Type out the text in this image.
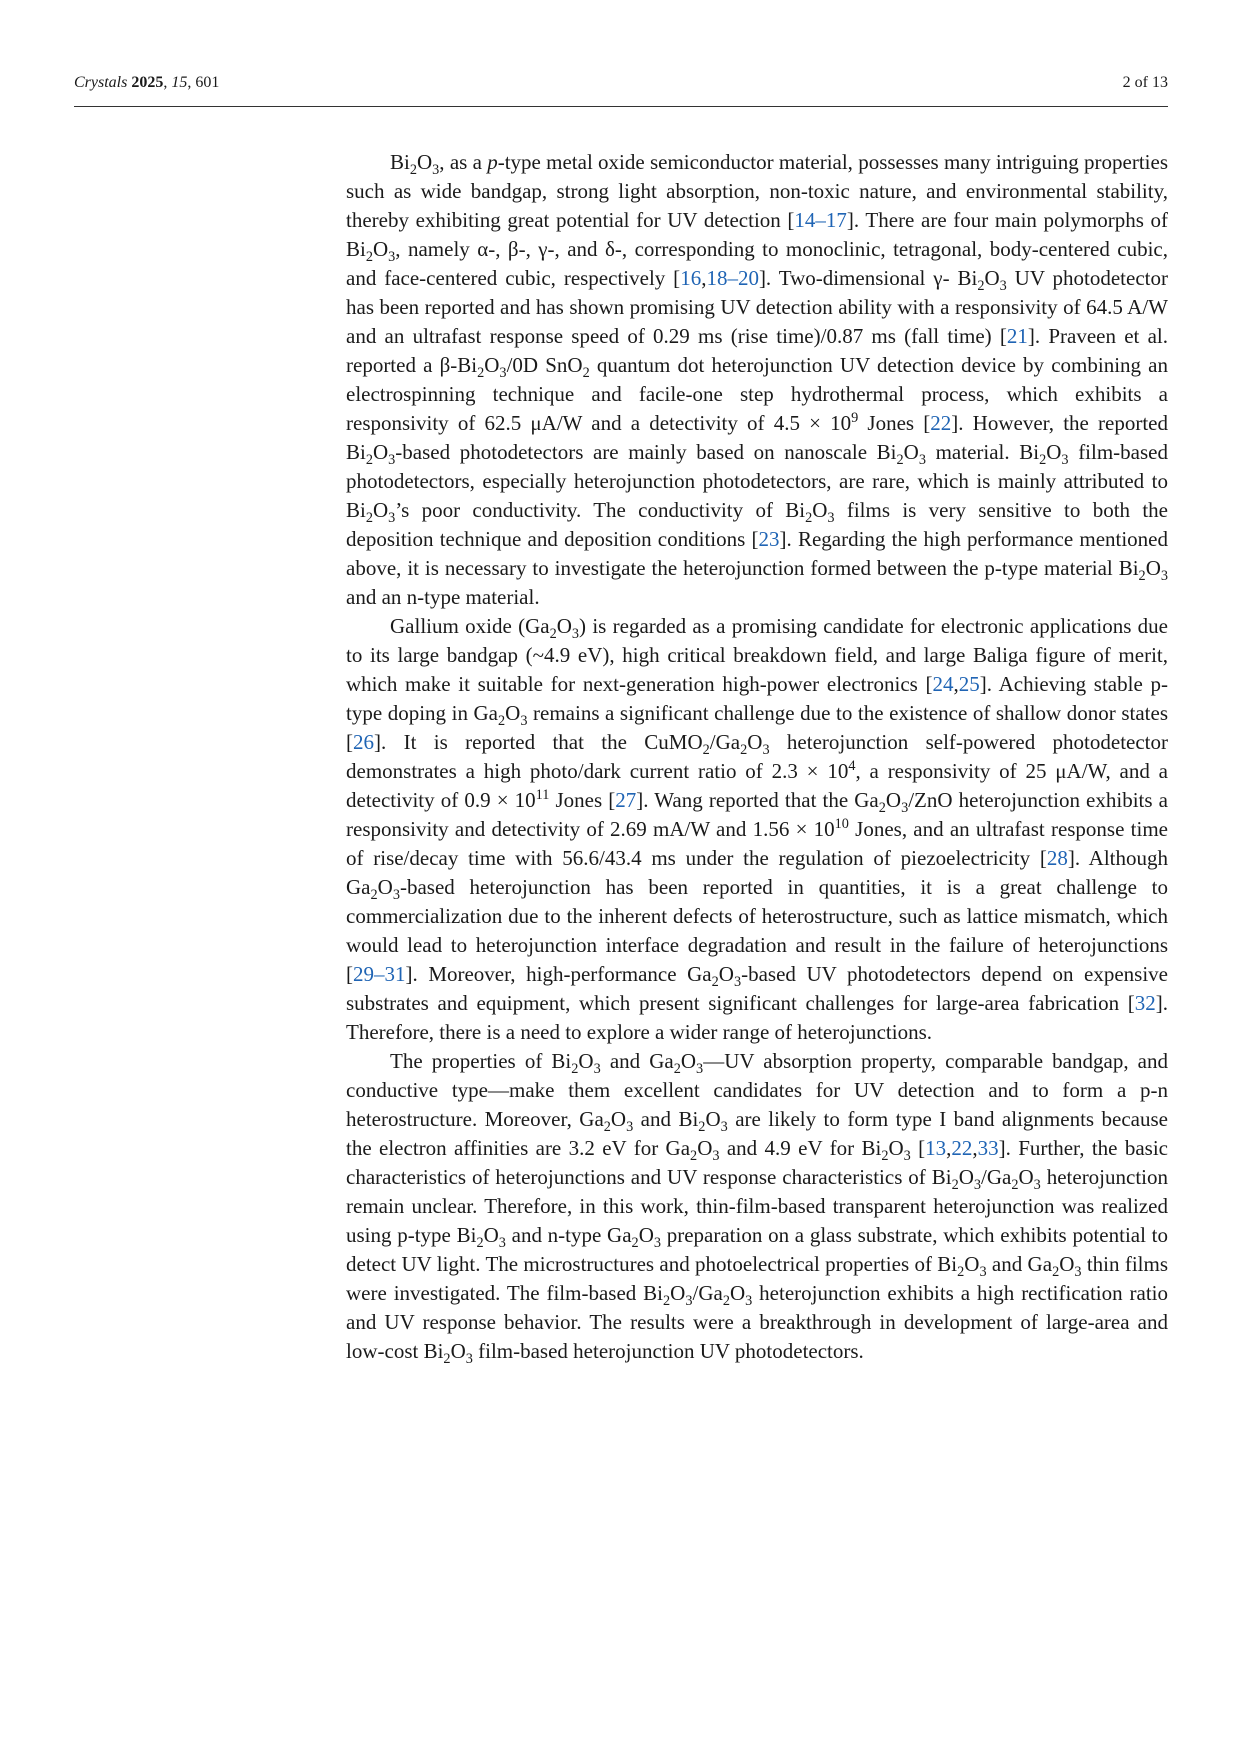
Crystals 2025, 15, 601	2 of 13

$Bi_2O_3$, as a p-type metal oxide semiconductor material, possesses many intriguing properties such as wide bandgap, strong light absorption, non-toxic nature, and environmental stability, thereby exhibiting great potential for UV detection [14–17]. There are four main polymorphs of $Bi_2O_3$, namely α-, β-, γ-, and δ-, corresponding to monoclinic, tetragonal, body-centered cubic, and face-centered cubic, respectively [16,18–20]. Two-dimensional γ- $Bi_2O_3$ UV photodetector has been reported and has shown promising UV detection ability with a responsivity of 64.5 A/W and an ultrafast response speed of 0.29 ms (rise time)/0.87 ms (fall time) [21]. Praveen et al. reported a $\beta-Bi_2O_3/0D$ SnO$_2$ quantum dot heterojunction UV detection device by combining an electrospinning technique and facile-one step hydrothermal process, which exhibits a responsivity of 62.5 μA/W and a detectivity of $4.5 \times 10^9$ Jones [22]. However, the reported $Bi_2O_3$-based photodetectors are mainly based on nanoscale $Bi_2O_3$ material. $Bi_2O_3$ film-based photodetectors, especially heterojunction photodetectors, are rare, which is mainly attributed to $Bi_2O_3’s$ poor conductivity. The conductivity of $Bi_2O_3$ films is very sensitive to both the deposition technique and deposition conditions [23]. Regarding the high performance mentioned above, it is necessary to investigate the heterojunction formed between the p-type material $Bi_2O_3$ and an n-type material.

Gallium oxide $(Ga_2O_3)$ is regarded as a promising candidate for electronic applications due to its large bandgap (~4.9 eV), high critical breakdown field, and large Baliga figure of merit, which make it suitable for next-generation high-power electronics [24,25]. Achieving stable p-type doping in $Ga_2O_3$ remains a significant challenge due to the existence of shallow donor states [26]. It is reported that the $CuMO_2/Ga_2O_3$ heterojunction self-powered photodetector demonstrates a high photo/dark current ratio of $2.3 \times 10^4$, a responsivity of 25 μA/W, and a detectivity of $0.9 \times 10^{11}$ Jones [27]. Wang reported that the $Ga_2O_3$/ZnO heterojunction exhibits a responsivity and detectivity of 2.69 mA/W and $1.56 \times 10^{10}$ Jones, and an ultrafast response time of rise/decay time with 56.6/43.4 ms under the regulation of piezoelectricity [28]. Although $Ga_2O_3$-based heterojunction has been reported in quantities, it is a great challenge to commercialization due to the inherent defects of heterostructure, such as lattice mismatch, which would lead to heterojunction interface degradation and result in the failure of heterojunctions [29–31]. Moreover, high-performance $Ga_2O_3$-based UV photodetectors depend on expensive substrates and equipment, which present significant challenges for large-area fabrication [32]. Therefore, there is a need to explore a wider range of heterojunctions.

The properties of $Bi_2O_3$ and $Ga_2O_3—UV$ absorption property, comparable bandgap, and conductive type—make them excellent candidates for UV detection and to form a p-n heterostructure. Moreover, $Ga_2O_3$ and $Bi_2O_3$ are likely to form type I band alignments because the electron affinities are 3.2 eV for $Ga_2O_3$ and 4.9 eV for $Bi_2O_3$ [13,22,33]. Further, the basic characteristics of heterojunctions and UV response characteristics of $Bi_2O_3/Ga_2O_3$ heterojunction remain unclear. Therefore, in this work, thin-film-based transparent heterojunction was realized using p-type $Bi_2O_3$ and n-type $Ga_2O_3$ preparation on a glass substrate, which exhibits potential to detect UV light. The microstructures and photoelectrical properties of $Bi_2O_3$ and $Ga_2O_3$ thin films were investigated. The film-based $Bi_2O_3/Ga_2O_3$ heterojunction exhibits a high rectification ratio and UV response behavior. The results were a breakthrough in development of large-area and low-cost $Bi_2O_3$ film-based heterojunction UV photodetectors.
